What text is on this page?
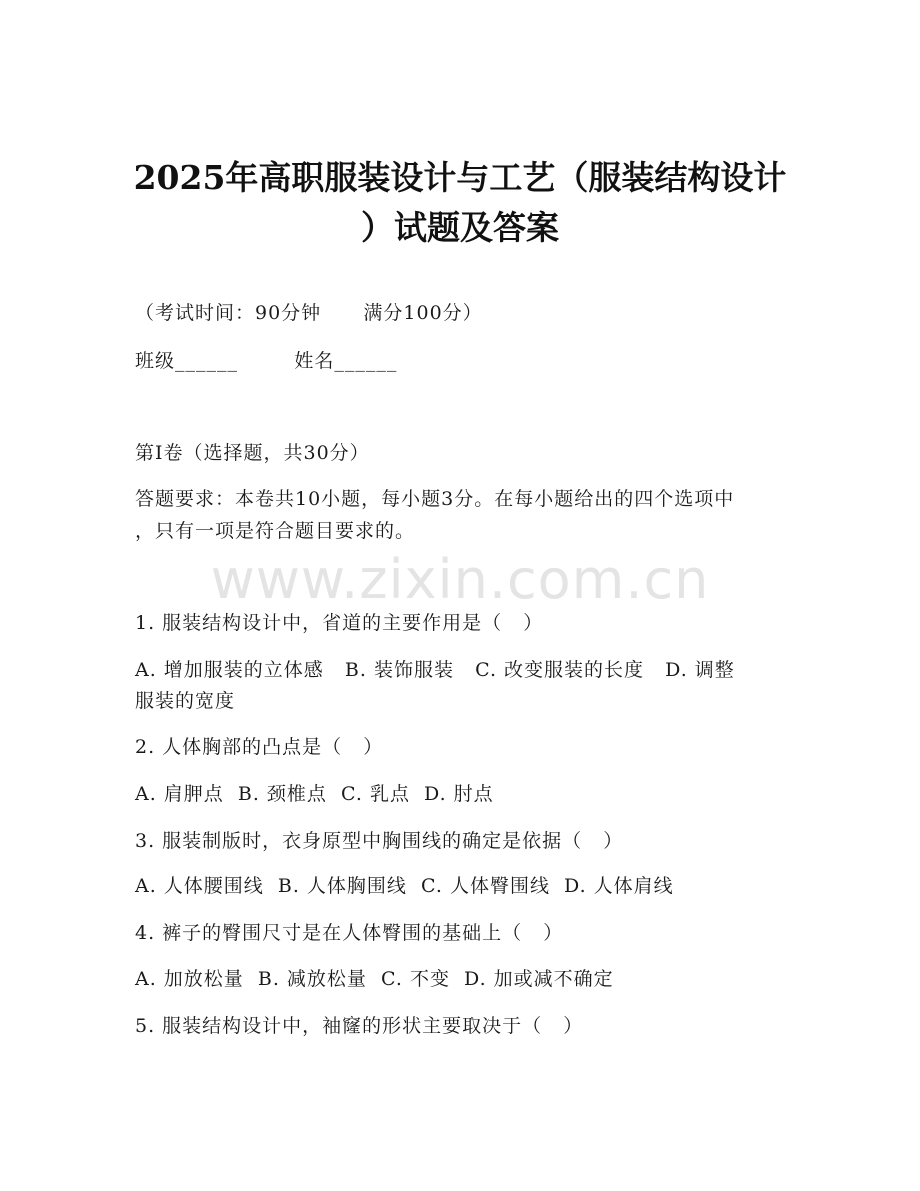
2025年高职服装设计与工艺（服装结构设计
）试题及答案
（考试时间：90分钟      满分100分）
班级______        姓名______
第Ⅰ卷（选择题，共30分）
答题要求：本卷共10小题，每小题3分。在每小题给出的四个选项中
，只有一项是符合题目要求的。
www.zixin.com.cn
1. 服装结构设计中，省道的主要作用是（   ）
A. 增加服装的立体感   B. 装饰服装   C. 改变服装的长度   D. 调整
服装的宽度
2. 人体胸部的凸点是（   ）
A. 肩胛点  B. 颈椎点  C. 乳点  D. 肘点
3. 服装制版时，衣身原型中胸围线的确定是依据（   ）
A. 人体腰围线  B. 人体胸围线  C. 人体臀围线  D. 人体肩线
4. 裤子的臀围尺寸是在人体臀围的基础上（   ）
A. 加放松量  B. 减放松量  C. 不变  D. 加或减不确定
5. 服装结构设计中，袖窿的形状主要取决于（   ）
